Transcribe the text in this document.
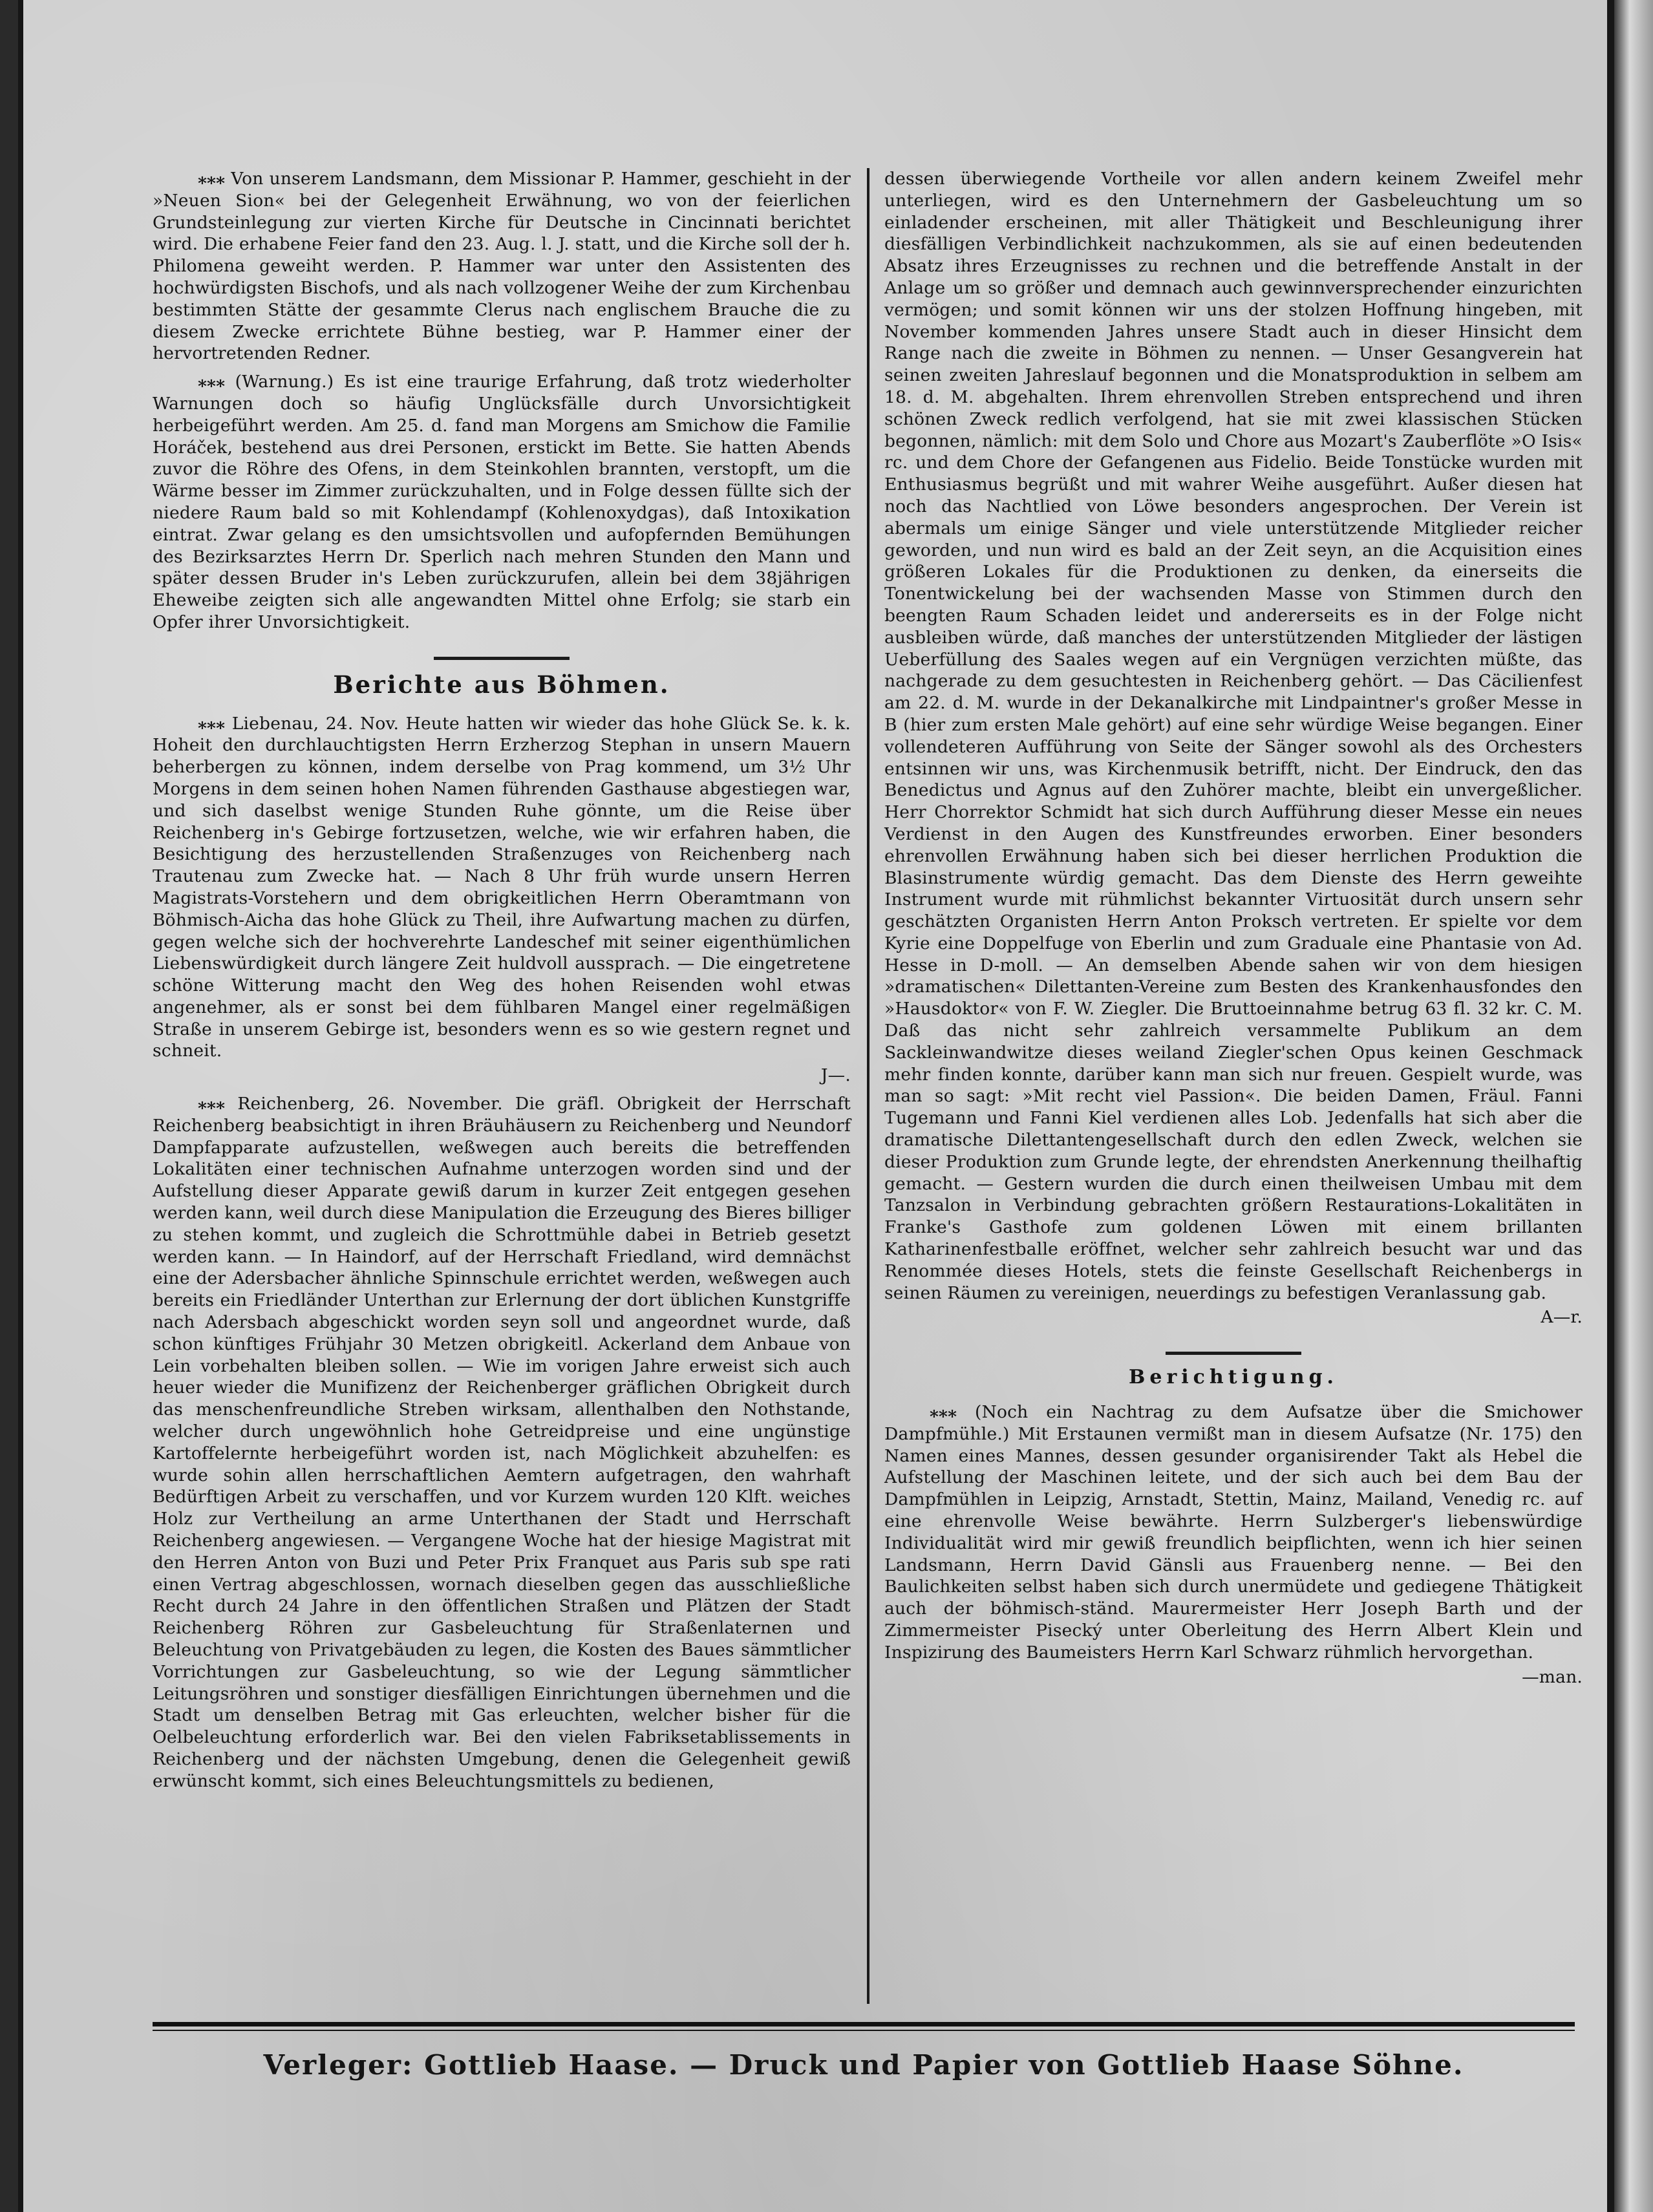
⁎⁎⁎ Von unserem Landsmann, dem Missionar P. Hammer, geschieht in der »Neuen Sion« bei der Gelegenheit Erwähnung, wo von der feierlichen Grundsteinlegung zur vierten Kirche für Deutsche in Cincinnati berichtet wird. Die erhabene Feier fand den 23. Aug. l. J. statt, und die Kirche soll der h. Philomena geweiht werden. P. Hammer war unter den Assistenten des hochwürdigsten Bischofs, und als nach vollzogener Weihe der zum Kirchenbau bestimmten Stätte der gesammte Clerus nach englischem Brauche die zu diesem Zwecke errichtete Bühne bestieg, war P. Hammer einer der hervortretenden Redner.

⁎⁎⁎ (Warnung.) Es ist eine traurige Erfahrung, daß trotz wiederholter Warnungen doch so häufig Unglücksfälle durch Unvorsichtigkeit herbeigeführt werden. Am 25. d. fand man Morgens am Smichow die Familie Horáček, bestehend aus drei Personen, erstickt im Bette. Sie hatten Abends zuvor die Röhre des Ofens, in dem Steinkohlen brannten, verstopft, um die Wärme besser im Zimmer zurückzuhalten, und in Folge dessen füllte sich der niedere Raum bald so mit Kohlendampf (Kohlenoxydgas), daß Intoxikation eintrat. Zwar gelang es den umsichtsvollen und aufopfernden Bemühungen des Bezirksarztes Herrn Dr. Sperlich nach mehren Stunden den Mann und später dessen Bruder in's Leben zurückzurufen, allein bei dem 38jährigen Eheweibe zeigten sich alle angewandten Mittel ohne Erfolg; sie starb ein Opfer ihrer Unvorsichtigkeit.

Berichte aus Böhmen.

⁎⁎⁎ Liebenau, 24. Nov. Heute hatten wir wieder das hohe Glück Se. k. k. Hoheit den durchlauchtigsten Herrn Erzherzog Stephan in unsern Mauern beherbergen zu können, indem derselbe von Prag kommend, um 3½ Uhr Morgens in dem seinen hohen Namen führenden Gasthause abgestiegen war, und sich daselbst wenige Stunden Ruhe gönnte, um die Reise über Reichenberg in's Gebirge fortzusetzen, welche, wie wir erfahren haben, die Besichtigung des herzustellenden Straßenzuges von Reichenberg nach Trautenau zum Zwecke hat. — Nach 8 Uhr früh wurde unsern Herren Magistrats-Vorstehern und dem obrigkeitlichen Herrn Oberamtmann von Böhmisch-Aicha das hohe Glück zu Theil, ihre Aufwartung machen zu dürfen, gegen welche sich der hochverehrte Landeschef mit seiner eigenthümlichen Liebenswürdigkeit durch längere Zeit huldvoll aussprach. — Die eingetretene schöne Witterung macht den Weg des hohen Reisenden wohl etwas angenehmer, als er sonst bei dem fühlbaren Mangel einer regelmäßigen Straße in unserem Gebirge ist, besonders wenn es so wie gestern regnet und schneit.

J—.

⁎⁎⁎ Reichenberg, 26. November. Die gräfl. Obrigkeit der Herrschaft Reichenberg beabsichtigt in ihren Bräuhäusern zu Reichenberg und Neundorf Dampfapparate aufzustellen, weßwegen auch bereits die betreffenden Lokalitäten einer technischen Aufnahme unterzogen worden sind und der Aufstellung dieser Apparate gewiß darum in kurzer Zeit entgegen gesehen werden kann, weil durch diese Manipulation die Erzeugung des Bieres billiger zu stehen kommt, und zugleich die Schrottmühle dabei in Betrieb gesetzt werden kann. — In Haindorf, auf der Herrschaft Friedland, wird demnächst eine der Adersbacher ähnliche Spinnschule errichtet werden, weßwegen auch bereits ein Friedländer Unterthan zur Erlernung der dort üblichen Kunstgriffe nach Adersbach abgeschickt worden seyn soll und angeordnet wurde, daß schon künftiges Frühjahr 30 Metzen obrigkeitl. Ackerland dem Anbaue von Lein vorbehalten bleiben sollen. — Wie im vorigen Jahre erweist sich auch heuer wieder die Munifizenz der Reichenberger gräflichen Obrigkeit durch das menschenfreundliche Streben wirksam, allenthalben den Nothstande, welcher durch ungewöhnlich hohe Getreidpreise und eine ungünstige Kartoffelernte herbeigeführt worden ist, nach Möglichkeit abzuhelfen: es wurde sohin allen herrschaftlichen Aemtern aufgetragen, den wahrhaft Bedürftigen Arbeit zu verschaffen, und vor Kurzem wurden 120 Klft. weiches Holz zur Vertheilung an arme Unterthanen der Stadt und Herrschaft Reichenberg angewiesen. — Vergangene Woche hat der hiesige Magistrat mit den Herren Anton von Buzi und Peter Prix Franquet aus Paris sub spe rati einen Vertrag abgeschlossen, wornach dieselben gegen das ausschließliche Recht durch 24 Jahre in den öffentlichen Straßen und Plätzen der Stadt Reichenberg Röhren zur Gasbeleuchtung für Straßenlaternen und Beleuchtung von Privatgebäuden zu legen, die Kosten des Baues sämmtlicher Vorrichtungen zur Gasbeleuchtung, so wie der Legung sämmtlicher Leitungsröhren und sonstiger diesfälligen Einrichtungen übernehmen und die Stadt um denselben Betrag mit Gas erleuchten, welcher bisher für die Oelbeleuchtung erforderlich war. Bei den vielen Fabriksetablissements in Reichenberg und der nächsten Umgebung, denen die Gelegenheit gewiß erwünscht kommt, sich eines Beleuchtungsmittels zu bedienen,

dessen überwiegende Vortheile vor allen andern keinem Zweifel mehr unterliegen, wird es den Unternehmern der Gasbeleuchtung um so einladender erscheinen, mit aller Thätigkeit und Beschleunigung ihrer diesfälligen Verbindlichkeit nachzukommen, als sie auf einen bedeutenden Absatz ihres Erzeugnisses zu rechnen und die betreffende Anstalt in der Anlage um so größer und demnach auch gewinnversprechender einzurichten vermögen; und somit können wir uns der stolzen Hoffnung hingeben, mit November kommenden Jahres unsere Stadt auch in dieser Hinsicht dem Range nach die zweite in Böhmen zu nennen. — Unser Gesangverein hat seinen zweiten Jahreslauf begonnen und die Monatsproduktion in selbem am 18. d. M. abgehalten. Ihrem ehrenvollen Streben entsprechend und ihren schönen Zweck redlich verfolgend, hat sie mit zwei klassischen Stücken begonnen, nämlich: mit dem Solo und Chore aus Mozart's Zauberflöte »O Isis« rc. und dem Chore der Gefangenen aus Fidelio. Beide Tonstücke wurden mit Enthusiasmus begrüßt und mit wahrer Weihe ausgeführt. Außer diesen hat noch das Nachtlied von Löwe besonders angesprochen. Der Verein ist abermals um einige Sänger und viele unterstützende Mitglieder reicher geworden, und nun wird es bald an der Zeit seyn, an die Acquisition eines größeren Lokales für die Produktionen zu denken, da einerseits die Tonentwickelung bei der wachsenden Masse von Stimmen durch den beengten Raum Schaden leidet und andererseits es in der Folge nicht ausbleiben würde, daß manches der unterstützenden Mitglieder der lästigen Ueberfüllung des Saales wegen auf ein Vergnügen verzichten müßte, das nachgerade zu dem gesuchtesten in Reichenberg gehört. — Das Cäcilienfest am 22. d. M. wurde in der Dekanalkirche mit Lindpaintner's großer Messe in B (hier zum ersten Male gehört) auf eine sehr würdige Weise begangen. Einer vollendeteren Aufführung von Seite der Sänger sowohl als des Orchesters entsinnen wir uns, was Kirchenmusik betrifft, nicht. Der Eindruck, den das Benedictus und Agnus auf den Zuhörer machte, bleibt ein unvergeßlicher. Herr Chorrektor Schmidt hat sich durch Aufführung dieser Messe ein neues Verdienst in den Augen des Kunstfreundes erworben. Einer besonders ehrenvollen Erwähnung haben sich bei dieser herrlichen Produktion die Blasinstrumente würdig gemacht. Das dem Dienste des Herrn geweihte Instrument wurde mit rühmlichst bekannter Virtuosität durch unsern sehr geschätzten Organisten Herrn Anton Proksch vertreten. Er spielte vor dem Kyrie eine Doppelfuge von Eberlin und zum Graduale eine Phantasie von Ad. Hesse in D-moll. — An demselben Abende sahen wir von dem hiesigen »dramatischen« Dilettanten-Vereine zum Besten des Krankenhausfondes den »Hausdoktor« von F. W. Ziegler. Die Bruttoeinnahme betrug 63 fl. 32 kr. C. M. Daß das nicht sehr zahlreich versammelte Publikum an dem Sackleinwandwitze dieses weiland Ziegler'schen Opus keinen Geschmack mehr finden konnte, darüber kann man sich nur freuen. Gespielt wurde, was man so sagt: »Mit recht viel Passion«. Die beiden Damen, Fräul. Fanni Tugemann und Fanni Kiel verdienen alles Lob. Jedenfalls hat sich aber die dramatische Dilettantengesellschaft durch den edlen Zweck, welchen sie dieser Produktion zum Grunde legte, der ehrendsten Anerkennung theilhaftig gemacht. — Gestern wurden die durch einen theilweisen Umbau mit dem Tanzsalon in Verbindung gebrachten größern Restaurations-Lokalitäten in Franke's Gasthofe zum goldenen Löwen mit einem brillanten Katharinenfestballe eröffnet, welcher sehr zahlreich besucht war und das Renommée dieses Hotels, stets die feinste Gesellschaft Reichenbergs in seinen Räumen zu vereinigen, neuerdings zu befestigen Veranlassung gab.

A—r.

Berichtigung.

⁎⁎⁎ (Noch ein Nachtrag zu dem Aufsatze über die Smichower Dampfmühle.) Mit Erstaunen vermißt man in diesem Aufsatze (Nr. 175) den Namen eines Mannes, dessen gesunder organisirender Takt als Hebel die Aufstellung der Maschinen leitete, und der sich auch bei dem Bau der Dampfmühlen in Leipzig, Arnstadt, Stettin, Mainz, Mailand, Venedig rc. auf eine ehrenvolle Weise bewährte. Herrn Sulzberger's liebenswürdige Individualität wird mir gewiß freundlich beipflichten, wenn ich hier seinen Landsmann, Herrn David Gänsli aus Frauenberg nenne. — Bei den Baulichkeiten selbst haben sich durch unermüdete und gediegene Thätigkeit auch der böhmisch-ständ. Maurermeister Herr Joseph Barth und der Zimmermeister Pisecký unter Oberleitung des Herrn Albert Klein und Inspizirung des Baumeisters Herrn Karl Schwarz rühmlich hervorgethan.

—man.

Verleger: Gottlieb Haase. — Druck und Papier von Gottlieb Haase Söhne.
